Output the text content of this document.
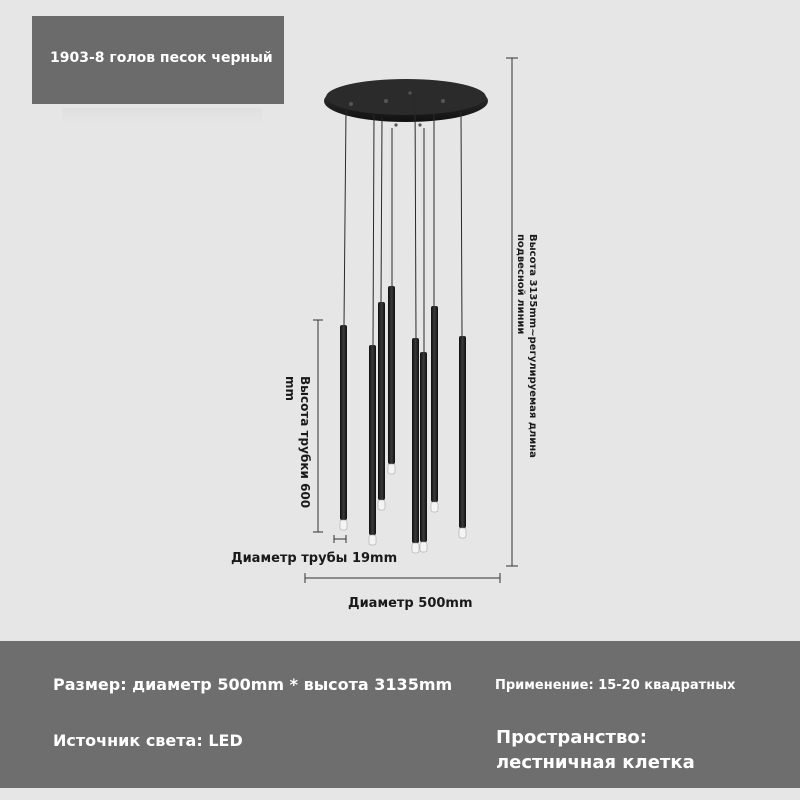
1903-8 голов песок черный
Высота 3135mm~регулируемая длина
подвесной линии
Высота трубки 600
mm
Диаметр трубы 19mm
Диаметр 500mm
Размер: диаметр 500mm * высота 3135mm	Применение: 15-20 квадратных
Источник света: LED	Пространство:
лестничная клетка
